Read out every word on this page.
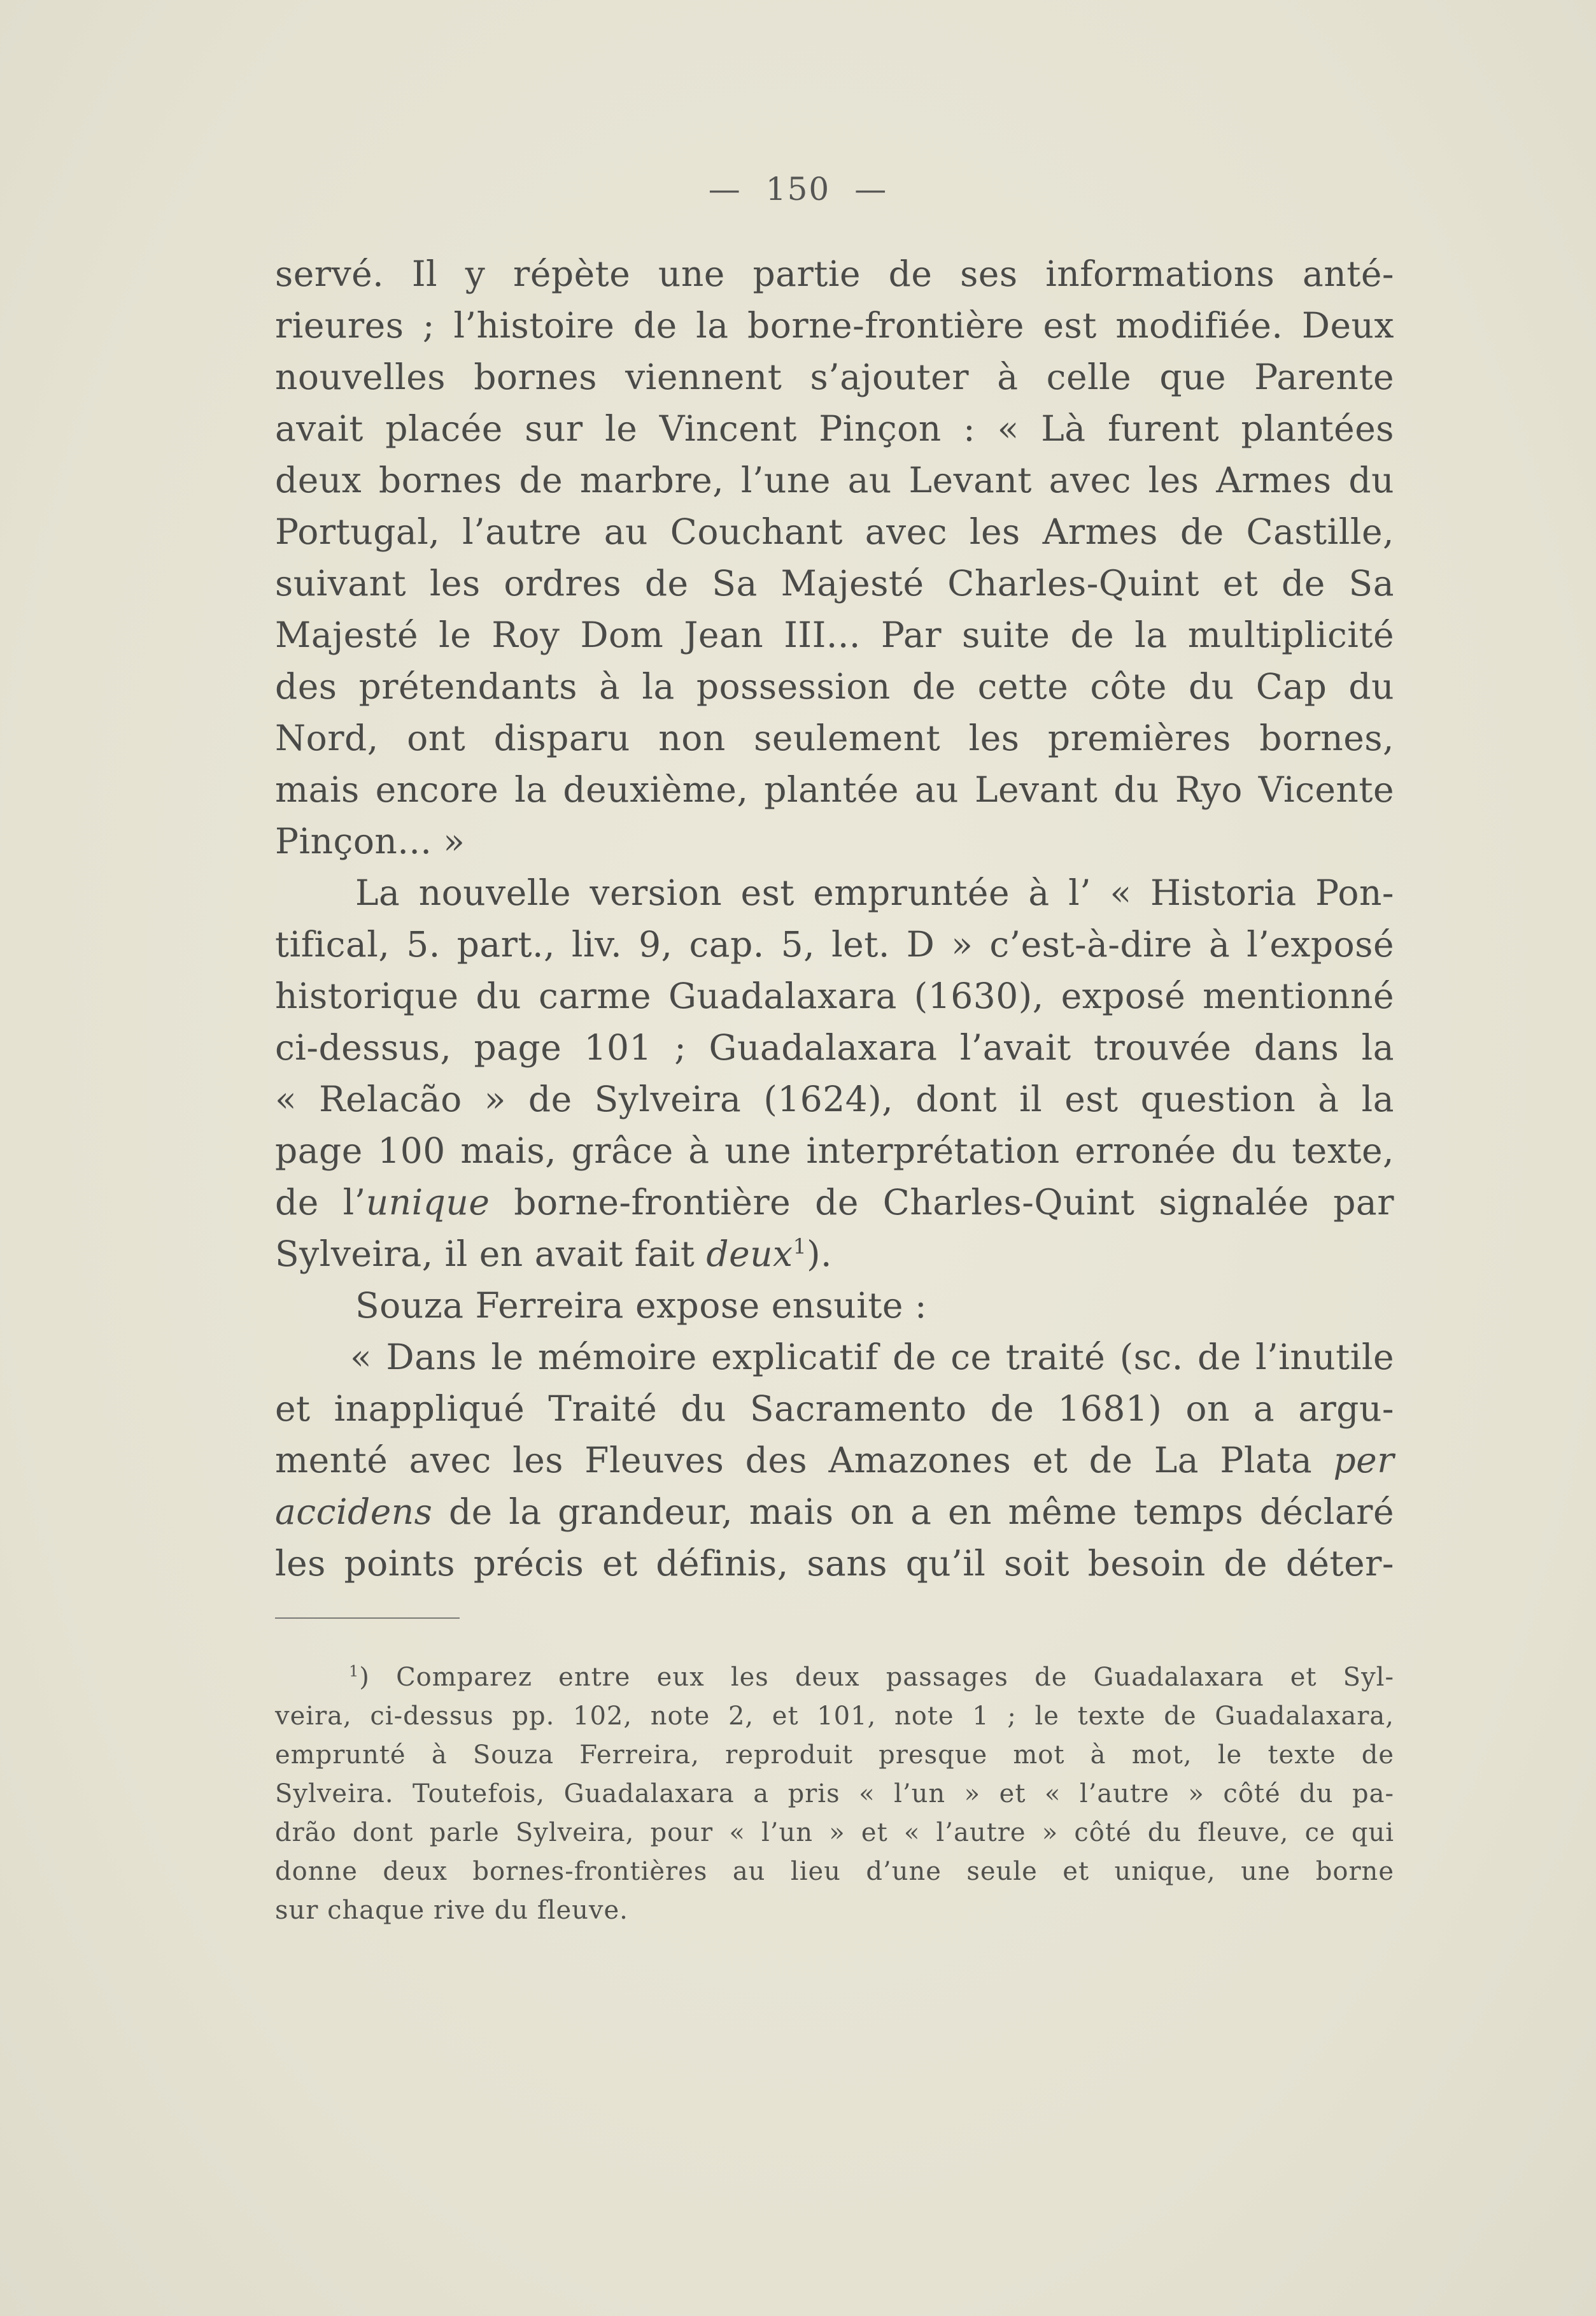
— 150 —
servé. Il y répète une partie de ses informations anté-
rieures ; l’histoire de la borne-frontière est modifiée. Deux
nouvelles bornes viennent s’ajouter à celle que Parente
avait placée sur le Vincent Pinçon : « Là furent plantées
deux bornes de marbre, l’une au Levant avec les Armes du
Portugal, l’autre au Couchant avec les Armes de Castille,
suivant les ordres de Sa Majesté Charles-Quint et de Sa
Majesté le Roy Dom Jean III... Par suite de la multiplicité
des prétendants à la possession de cette côte du Cap du
Nord, ont disparu non seulement les premières bornes,
mais encore la deuxième, plantée au Levant du Ryo Vicente
Pinçon... »
La nouvelle version est empruntée à l’ « Historia Pon-
tifical, 5. part., liv. 9, cap. 5, let. D » c’est-à-dire à l’exposé
historique du carme Guadalaxara (1630), exposé mentionné
ci-dessus, page 101 ; Guadalaxara l’avait trouvée dans la
« Relacão » de Sylveira (1624), dont il est question à la
page 100 mais, grâce à une interprétation erronée du texte,
de l’unique borne-frontière de Charles-Quint signalée par
Sylveira, il en avait fait deux$^1$).
Souza Ferreira expose ensuite :
« Dans le mémoire explicatif de ce traité (sc. de l’inutile
et inappliqué Traité du Sacramento de 1681) on a argu-
menté avec les Fleuves des Amazones et de La Plata per
accidens de la grandeur, mais on a en même temps déclaré
les points précis et définis, sans qu’il soit besoin de déter-
$^1$) Comparez entre eux les deux passages de Guadalaxara et Syl-
veira, ci-dessus pp. 102, note 2, et 101, note 1 ; le texte de Guadalaxara,
emprunté à Souza Ferreira, reproduit presque mot à mot, le texte de
Sylveira. Toutefois, Guadalaxara a pris « l’un » et « l’autre » côté du pa-
drão dont parle Sylveira, pour « l’un » et « l’autre » côté du fleuve, ce qui
donne deux bornes-frontières au lieu d’une seule et unique, une borne
sur chaque rive du fleuve.
